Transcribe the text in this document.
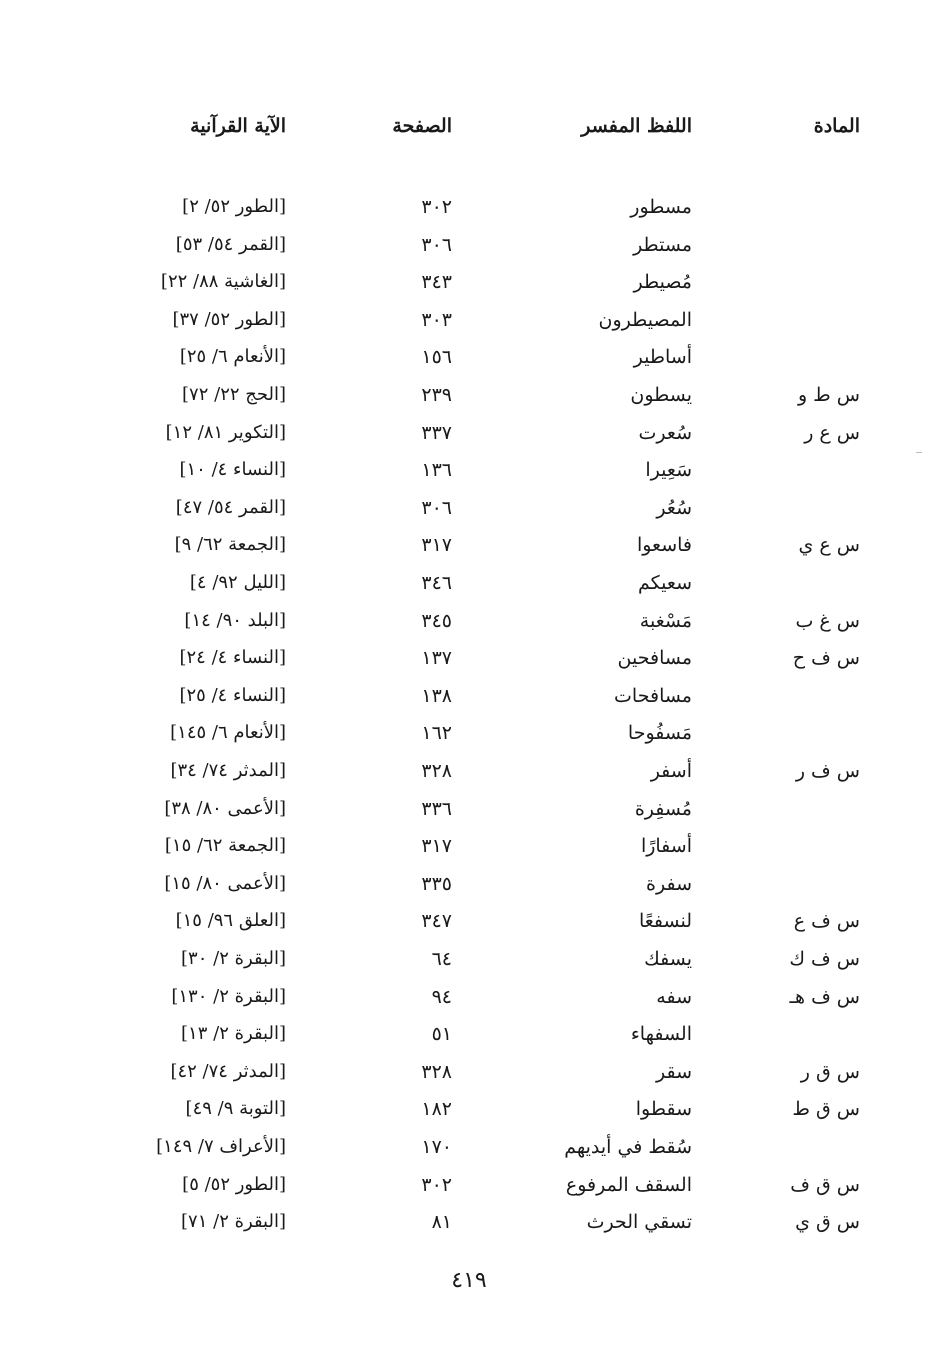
المادة
اللفظ المفسر
الصفحة
الآية القرآنية
مسطور
٣٠٢
[الطور ٥٢/ ٢]
مستطر
٣٠٦
[القمر ٥٤/ ٥٣]
مُصيطر
٣٤٣
[الغاشية ٨٨/ ٢٢]
المصيطرون
٣٠٣
[الطور ٥٢/ ٣٧]
أساطير
١٥٦
[الأنعام ٦/ ٢٥]
س ط و
يسطون
٢٣٩
[الحج ٢٢/ ٧٢]
س ع ر
سُعرت
٣٣٧
[التكوير ٨١/ ١٢]
سَعِيرا
١٣٦
[النساء ٤/ ١٠]
سُعُر
٣٠٦
[القمر ٥٤/ ٤٧]
س ع ي
فاسعوا
٣١٧
[الجمعة ٦٢/ ٩]
سعيكم
٣٤٦
[الليل ٩٢/ ٤]
س غ ب
مَسْغبة
٣٤٥
[البلد ٩٠/ ١٤]
س ف ح
مسافحين
١٣٧
[النساء ٤/ ٢٤]
مسافحات
١٣٨
[النساء ٤/ ٢٥]
مَسفُوحا
١٦٢
[الأنعام ٦/ ١٤٥]
س ف ر
أسفر
٣٢٨
[المدثر ٧٤/ ٣٤]
مُسفِرة
٣٣٦
[الأعمى ٨٠/ ٣٨]
أسفارًا
٣١٧
[الجمعة ٦٢/ ١٥]
سفرة
٣٣٥
[الأعمى ٨٠/ ١٥]
س ف ع
لنسفعًا
٣٤٧
[العلق ٩٦/ ١٥]
س ف ك
يسفك
٦٤
[البقرة ٢/ ٣٠]
س ف هـ
سفه
٩٤
[البقرة ٢/ ١٣٠]
السفهاء
٥١
[البقرة ٢/ ١٣]
س ق ر
سقر
٣٢٨
[المدثر ٧٤/ ٤٢]
س ق ط
سقطوا
١٨٢
[التوبة ٩/ ٤٩]
سُقط في أيديهم
١٧٠
[الأعراف ٧/ ١٤٩]
س ق ف
السقف المرفوع
٣٠٢
[الطور ٥٢/ ٥]
س ق ي
تسقي الحرث
٨١
[البقرة ٢/ ٧١]
٤١٩
